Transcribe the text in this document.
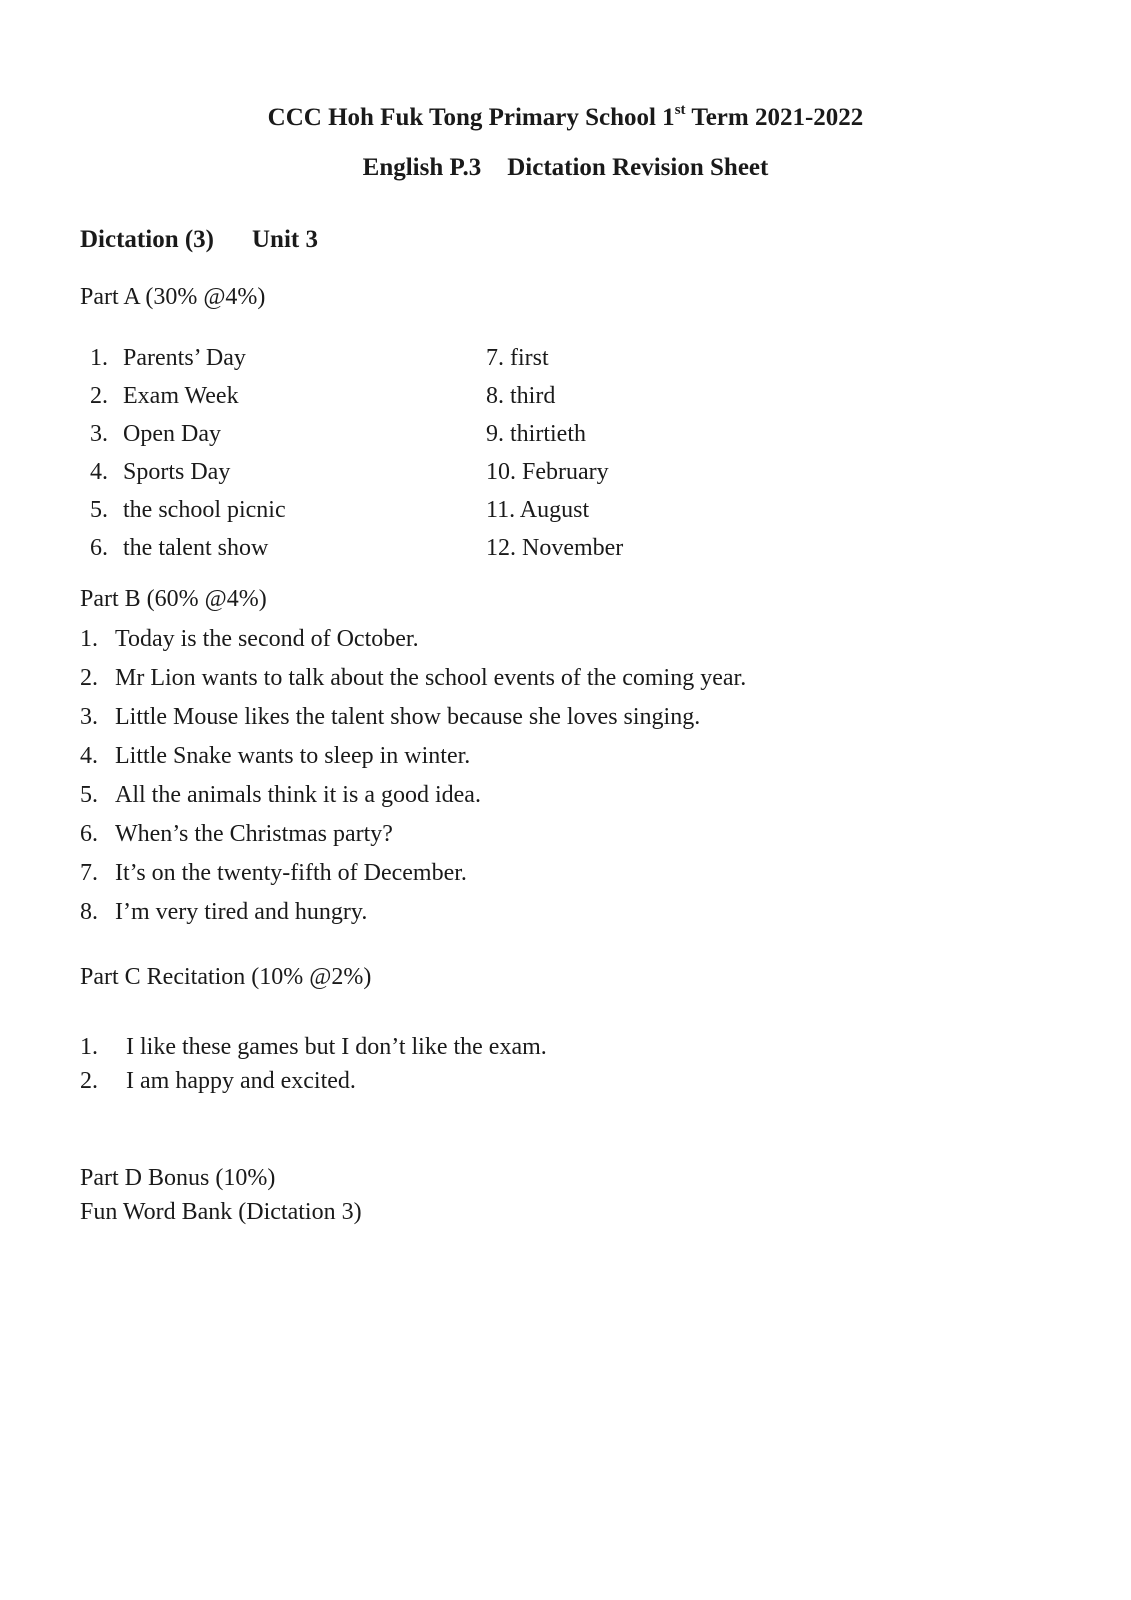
CCC Hoh Fuk Tong Primary School 1st Term 2021-2022
English P.3 Dictation Revision Sheet
Dictation (3) Unit 3
Part A (30% @4%)
1. Parents’ Day
2. Exam Week
3. Open Day
4. Sports Day
5. the school picnic
6. the talent show
7. first
8. third
9. thirtieth
10. February
11. August
12. November
Part B (60% @4%)
1. Today is the second of October.
2. Mr Lion wants to talk about the school events of the coming year.
3. Little Mouse likes the talent show because she loves singing.
4. Little Snake wants to sleep in winter.
5. All the animals think it is a good idea.
6. When’s the Christmas party?
7. It’s on the twenty-fifth of December.
8. I’m very tired and hungry.
Part C Recitation (10% @2%)
1. I like these games but I don’t like the exam.
2. I am happy and excited.
Part D Bonus (10%)
Fun Word Bank (Dictation 3)
